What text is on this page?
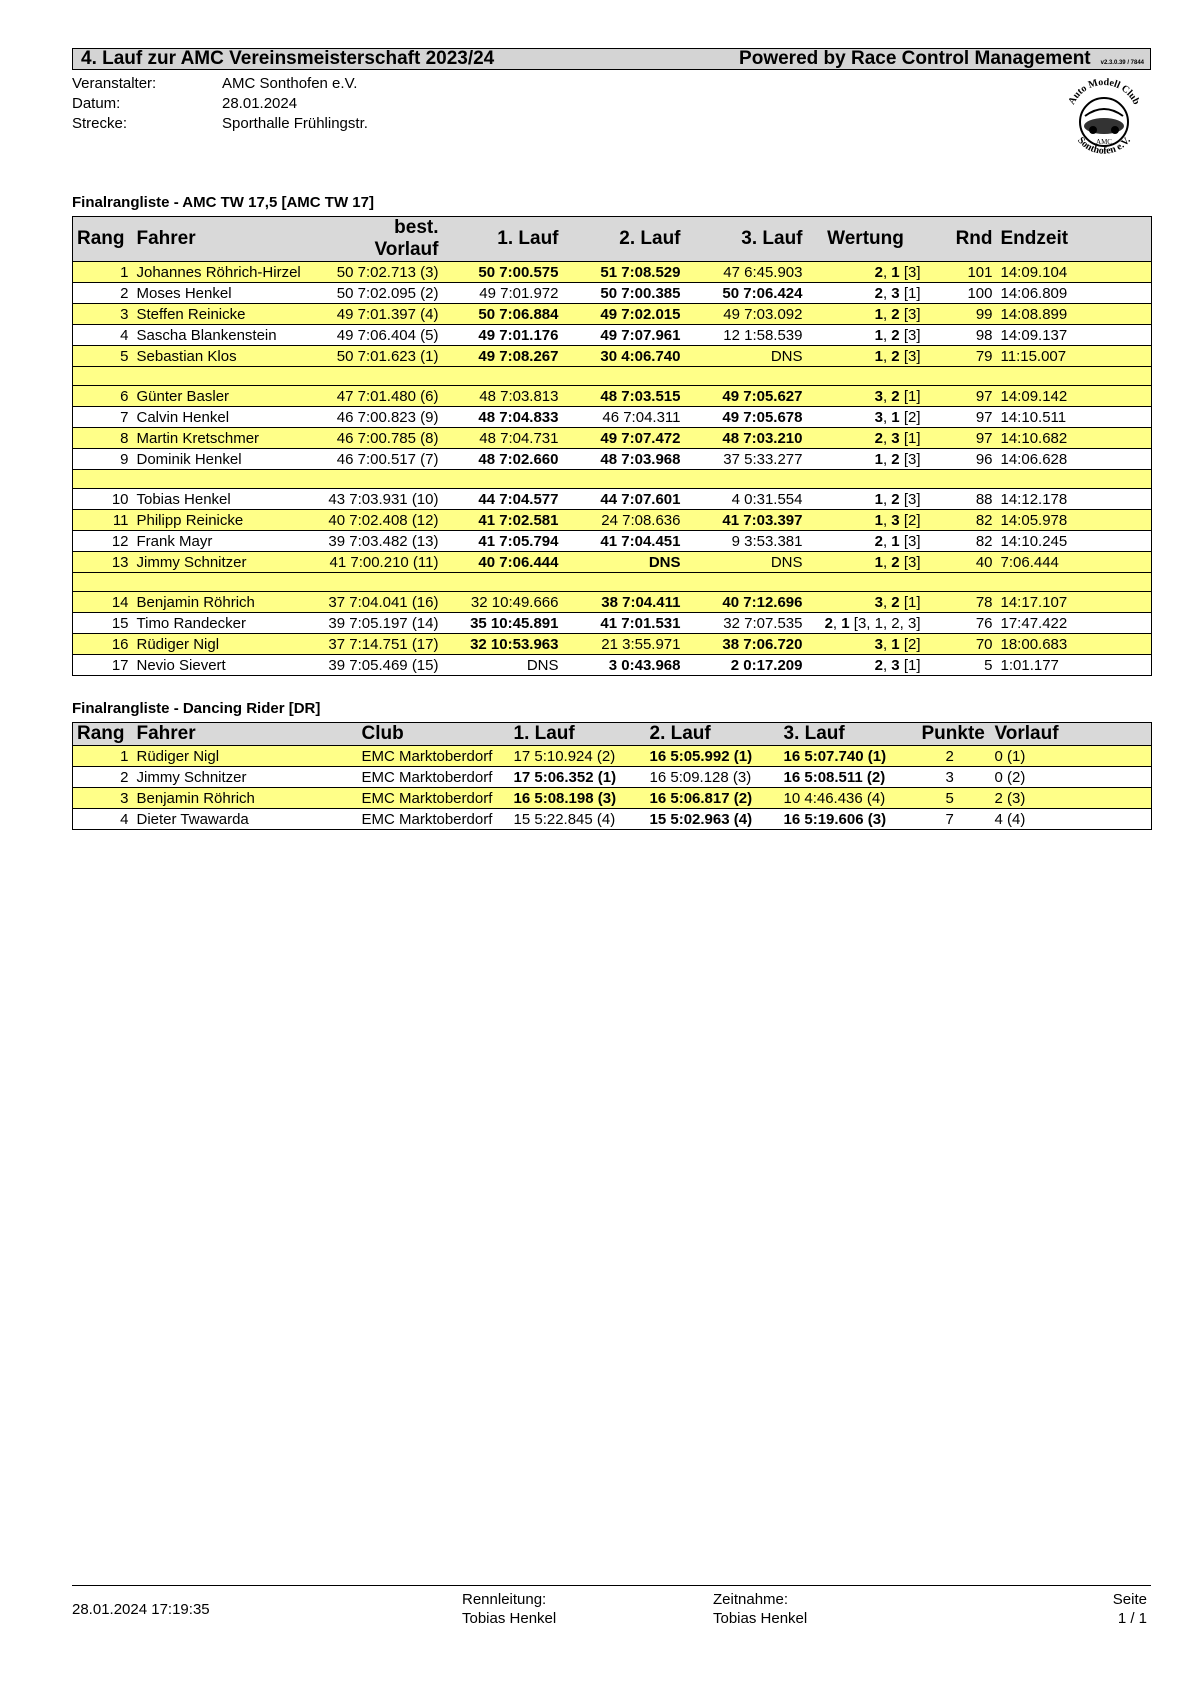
4. Lauf zur AMC Vereinsmeisterschaft 2023/24	Powered by Race Control Management v2.3.0.39 / 7844
Veranstalter:	AMC Sonthofen e.V.
Datum:	28.01.2024
Strecke:	Sporthalle Frühlingstr.
Auto Modell Club
AMC
Sonthofen e.V.
Finalrangliste - AMC TW 17,5 [AMC TW 17]
Rang	Fahrer	best. Vorlauf	1. Lauf	2. Lauf	3. Lauf	Wertung	Rnd	Endzeit
1	Johannes Röhrich-Hirzel	50 7:02.713 (3)	50 7:00.575	51 7:08.529	47 6:45.903	2, 1 [3]	101	14:09.104
2	Moses Henkel	50 7:02.095 (2)	49 7:01.972	50 7:00.385	50 7:06.424	2, 3 [1]	100	14:06.809
3	Steffen Reinicke	49 7:01.397 (4)	50 7:06.884	49 7:02.015	49 7:03.092	1, 2 [3]	99	14:08.899
4	Sascha Blankenstein	49 7:06.404 (5)	49 7:01.176	49 7:07.961	12 1:58.539	1, 2 [3]	98	14:09.137
5	Sebastian Klos	50 7:01.623 (1)	49 7:08.267	30 4:06.740	DNS	1, 2 [3]	79	11:15.007

6	Günter Basler	47 7:01.480 (6)	48 7:03.813	48 7:03.515	49 7:05.627	3, 2 [1]	97	14:09.142
7	Calvin Henkel	46 7:00.823 (9)	48 7:04.833	46 7:04.311	49 7:05.678	3, 1 [2]	97	14:10.511
8	Martin Kretschmer	46 7:00.785 (8)	48 7:04.731	49 7:07.472	48 7:03.210	2, 3 [1]	97	14:10.682
9	Dominik Henkel	46 7:00.517 (7)	48 7:02.660	48 7:03.968	37 5:33.277	1, 2 [3]	96	14:06.628

10	Tobias Henkel	43 7:03.931 (10)	44 7:04.577	44 7:07.601	4 0:31.554	1, 2 [3]	88	14:12.178
11	Philipp Reinicke	40 7:02.408 (12)	41 7:02.581	24 7:08.636	41 7:03.397	1, 3 [2]	82	14:05.978
12	Frank Mayr	39 7:03.482 (13)	41 7:05.794	41 7:04.451	9 3:53.381	2, 1 [3]	82	14:10.245
13	Jimmy Schnitzer	41 7:00.210 (11)	40 7:06.444	DNS	DNS	1, 2 [3]	40	7:06.444

14	Benjamin Röhrich	37 7:04.041 (16)	32 10:49.666	38 7:04.411	40 7:12.696	3, 2 [1]	78	14:17.107
15	Timo Randecker	39 7:05.197 (14)	35 10:45.891	41 7:01.531	32 7:07.535	2, 1 [3, 1, 2, 3]	76	17:47.422
16	Rüdiger Nigl	37 7:14.751 (17)	32 10:53.963	21 3:55.971	38 7:06.720	3, 1 [2]	70	18:00.683
17	Nevio Sievert	39 7:05.469 (15)	DNS	3 0:43.968	2 0:17.209	2, 3 [1]	5	1:01.177
Finalrangliste - Dancing Rider [DR]
Rang	Fahrer	Club	1. Lauf	2. Lauf	3. Lauf	Punkte	Vorlauf
1	Rüdiger Nigl	EMC Marktoberdorf	17 5:10.924 (2)	16 5:05.992 (1)	16 5:07.740 (1)	2	0 (1)
2	Jimmy Schnitzer	EMC Marktoberdorf	17 5:06.352 (1)	16 5:09.128 (3)	16 5:08.511 (2)	3	0 (2)
3	Benjamin Röhrich	EMC Marktoberdorf	16 5:08.198 (3)	16 5:06.817 (2)	10 4:46.436 (4)	5	2 (3)
4	Dieter Twawarda	EMC Marktoberdorf	15 5:22.845 (4)	15 5:02.963 (4)	16 5:19.606 (3)	7	4 (4)
28.01.2024 17:19:35
Rennleitung:
Tobias Henkel
Zeitnahme:
Tobias Henkel
Seite
1 / 1
